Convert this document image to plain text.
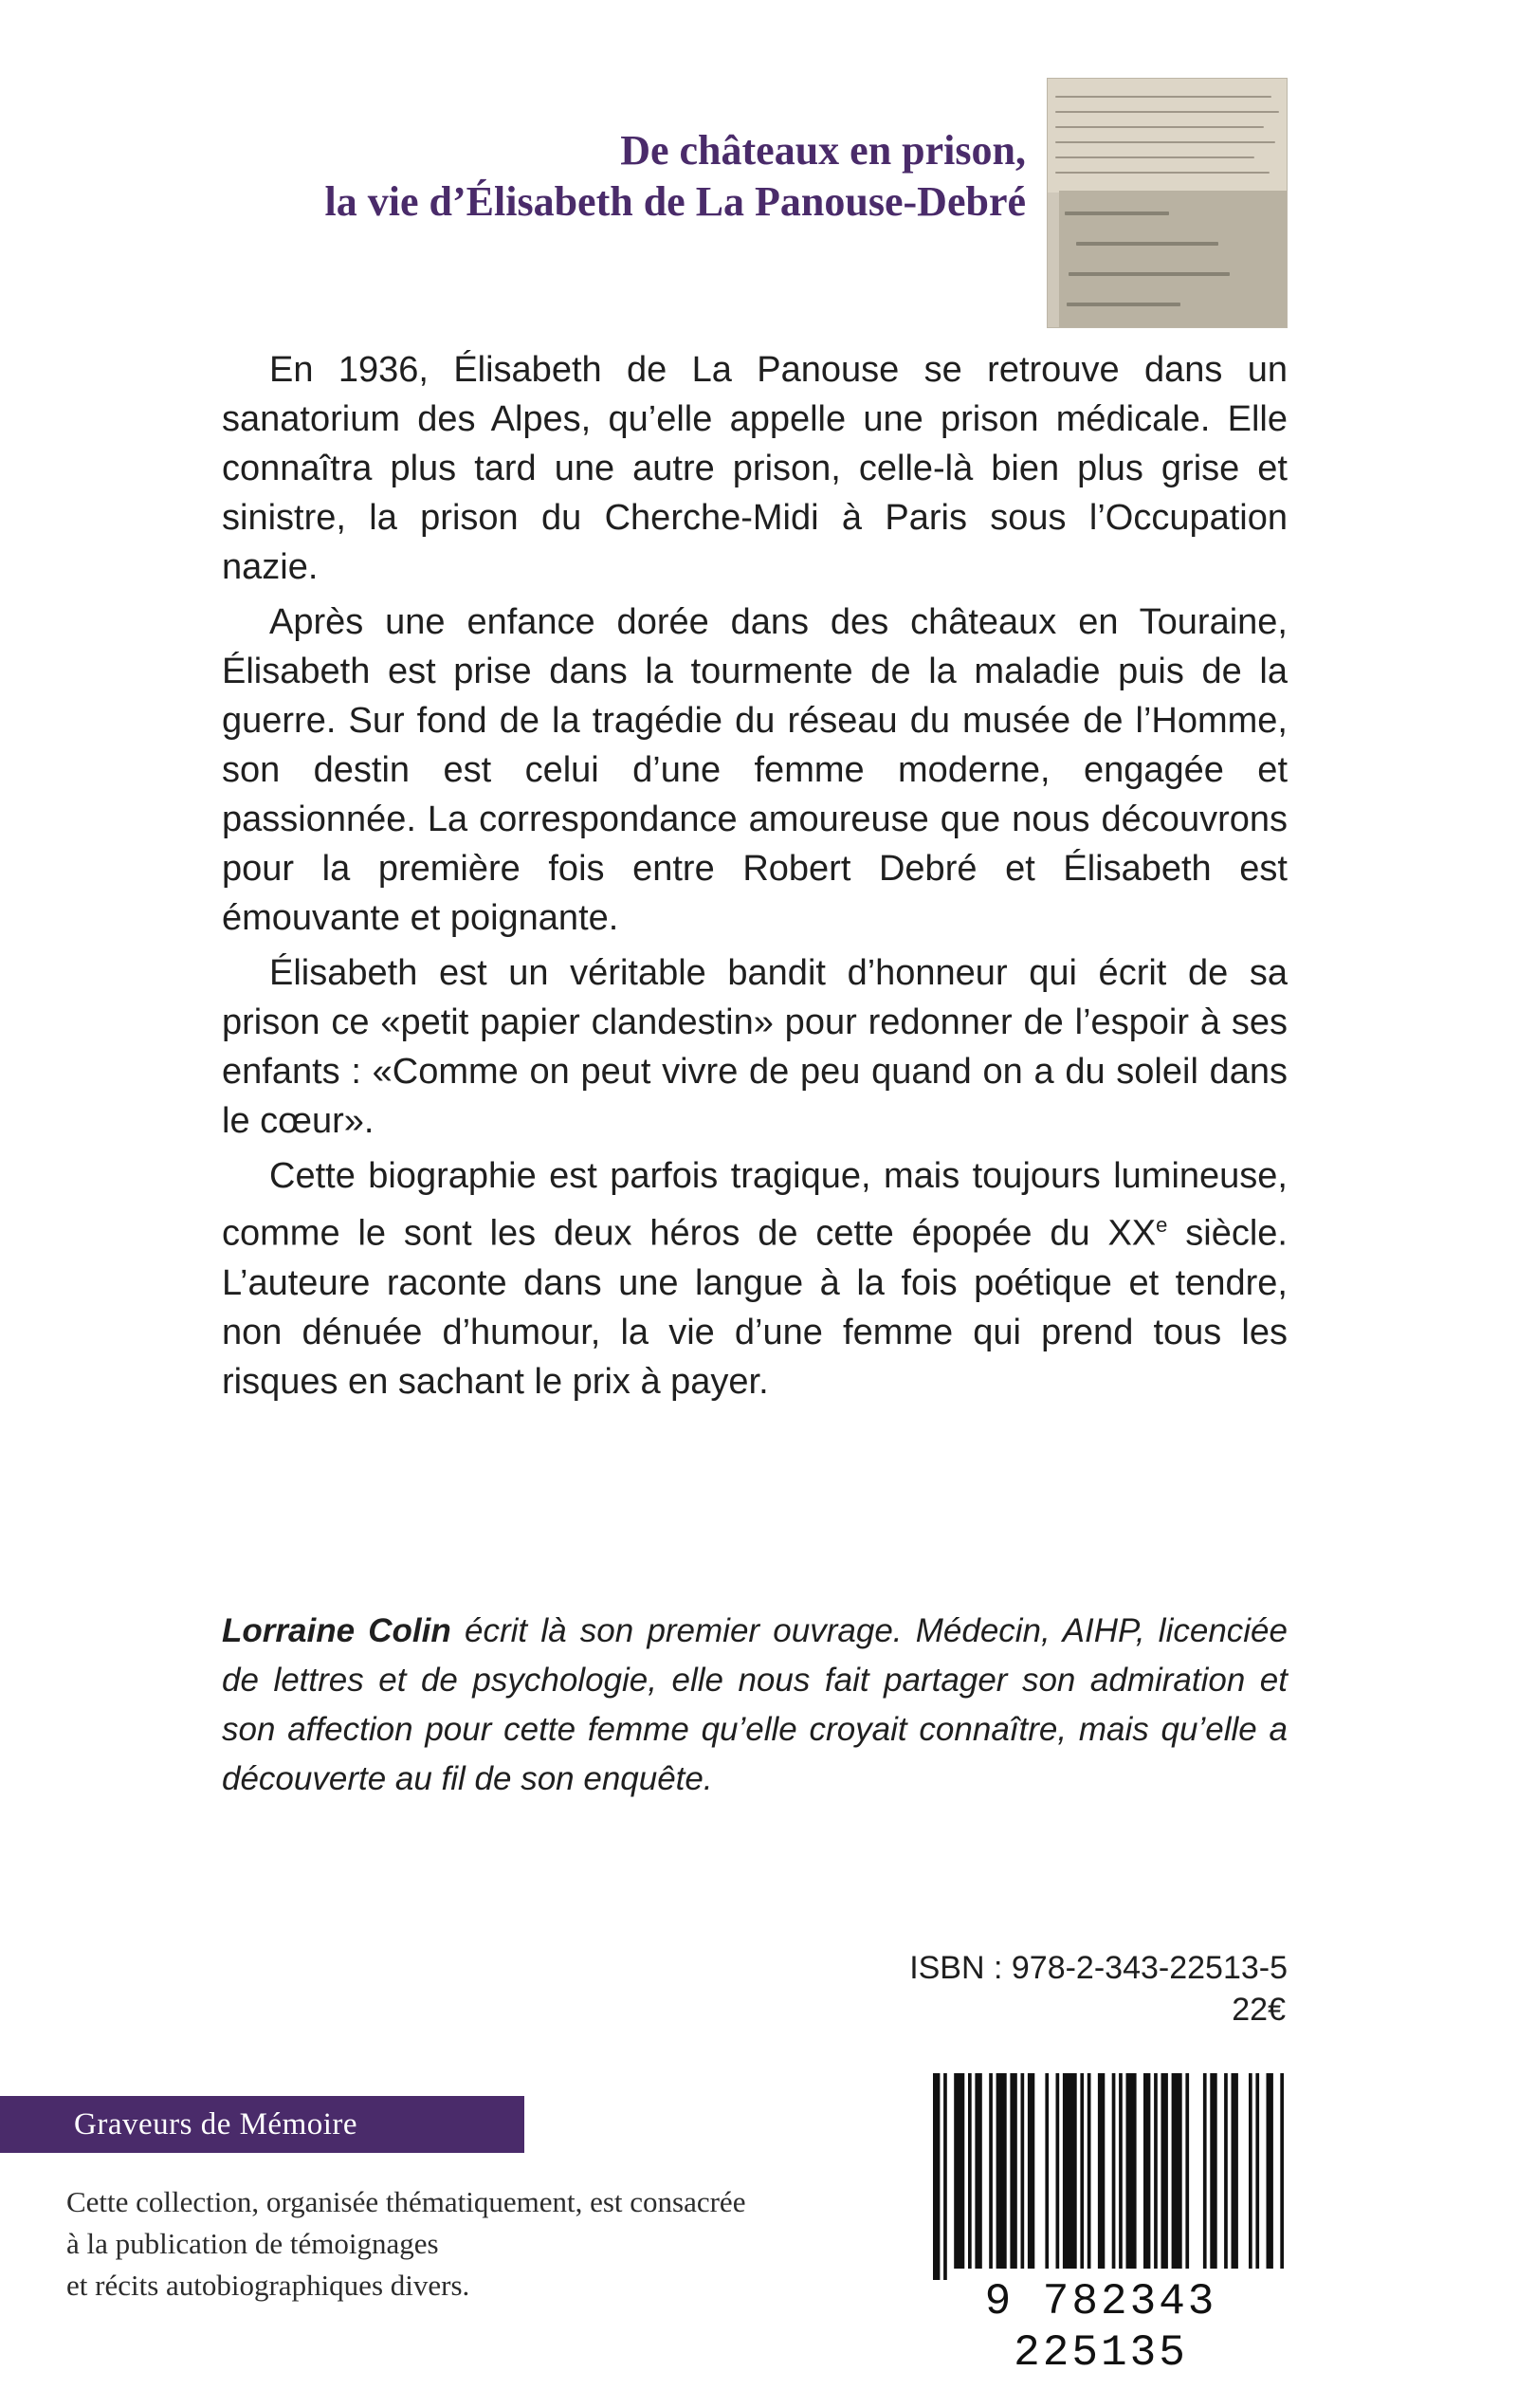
De châteaux en prison,
la vie d’Élisabeth de La Panouse-Debré

En 1936, Élisabeth de La Panouse se retrouve dans un sanatorium des Alpes, qu’elle appelle une prison médicale. Elle connaîtra plus tard une autre prison, celle-là bien plus grise et sinistre, la prison du Cherche-Midi à Paris sous l’Occupation nazie.

Après une enfance dorée dans des châteaux en Touraine, Élisabeth est prise dans la tourmente de la maladie puis de la guerre. Sur fond de la tragédie du réseau du musée de l’Homme, son destin est celui d’une femme moderne, engagée et passionnée. La correspondance amoureuse que nous découvrons pour la première fois entre Robert Debré et Élisabeth est émouvante et poignante.

Élisabeth est un véritable bandit d’honneur qui écrit de sa prison ce «petit papier clandestin» pour redonner de l’espoir à ses enfants : «Comme on peut vivre de peu quand on a du soleil dans le cœur».

Cette biographie est parfois tragique, mais toujours lumineuse, comme le sont les deux héros de cette épopée du XXe siècle. L’auteure raconte dans une langue à la fois poétique et tendre, non dénuée d’humour, la vie d’une femme qui prend tous les risques en sachant le prix à payer.

Lorraine Colin écrit là son premier ouvrage. Médecin, AIHP, licenciée de lettres et de psychologie, elle nous fait partager son admiration et son affection pour cette femme qu’elle croyait connaître, mais qu’elle a découverte au fil de son enquête.
ISBN : 978-2-343-22513-5
22€
Graveurs de Mémoire
Cette collection, organisée thématiquement, est consacrée
à la publication de témoignages
et récits autobiographiques divers.	9 782343 225135
